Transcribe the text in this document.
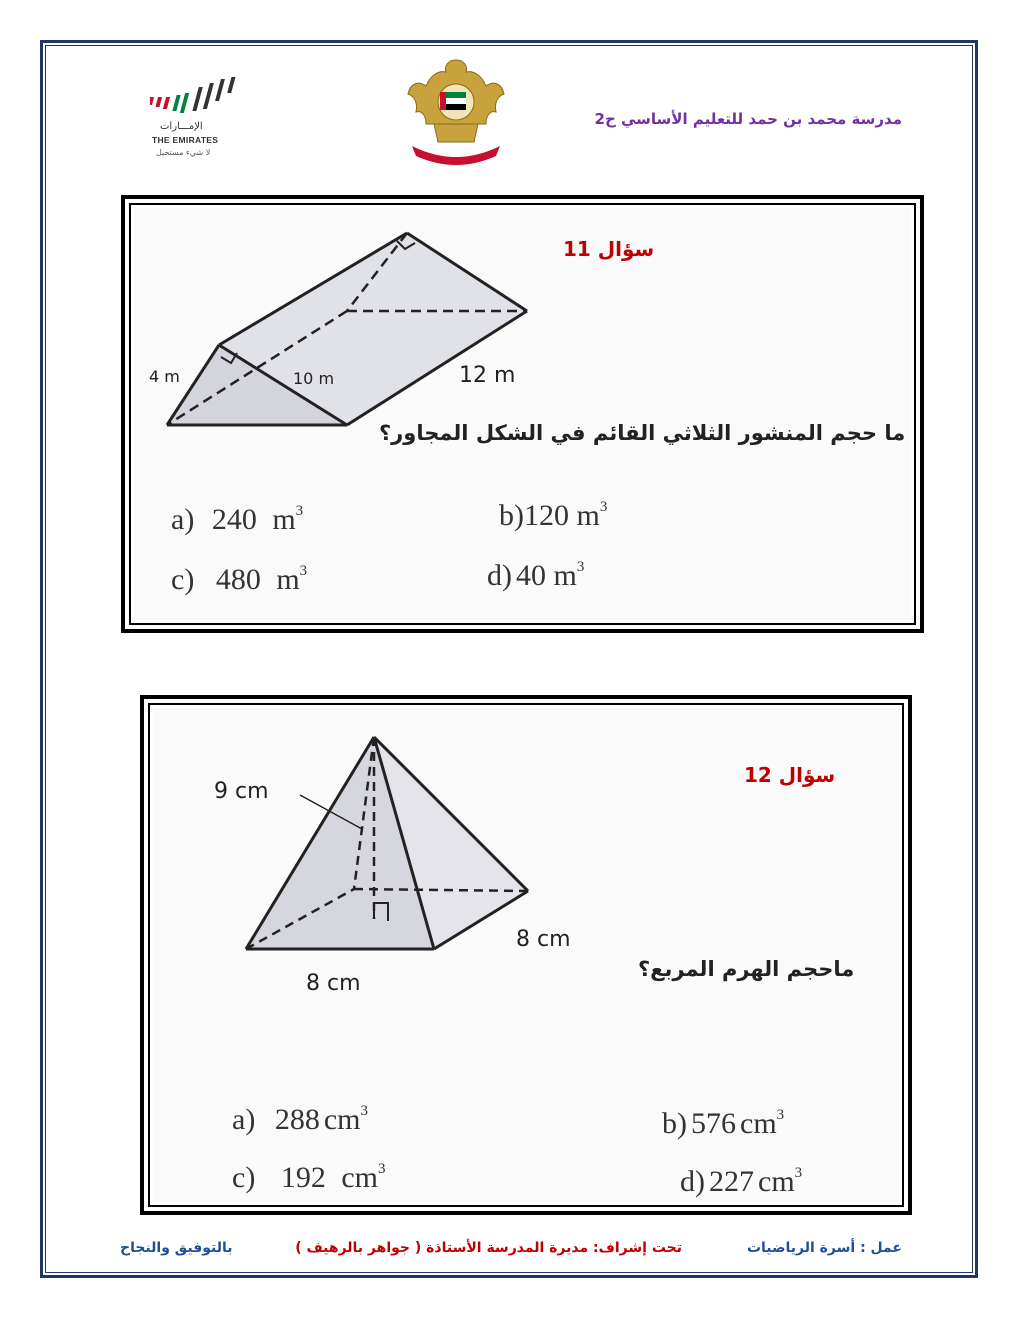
مدرسة محمد بن حمد للتعليم الأساسي ح2
الإمـــارات
THE EMIRATES
لا شيء مستحيل
4 m	10 m	12 m
سؤال 11
ما حجم المنشور الثلاثي القائم في الشكل المجاور؟
a) 240 $m^3$	b)120 $m^3$
c) 480 $m^3$	d) 40 $m^3$
9 cm
8 cm
8 cm
سؤال 12
ماحجم الهرم المربع؟
a) 288 $cm^3$	b) 576 $cm^3$
c) 192 $cm^3$	d) 227 $cm^3$
عمل : أسرة الرياضيات
تحت إشراف: مديرة المدرسة الأستاذة ( جواهر بالرهيف )
بالتوفيق والنجاح
